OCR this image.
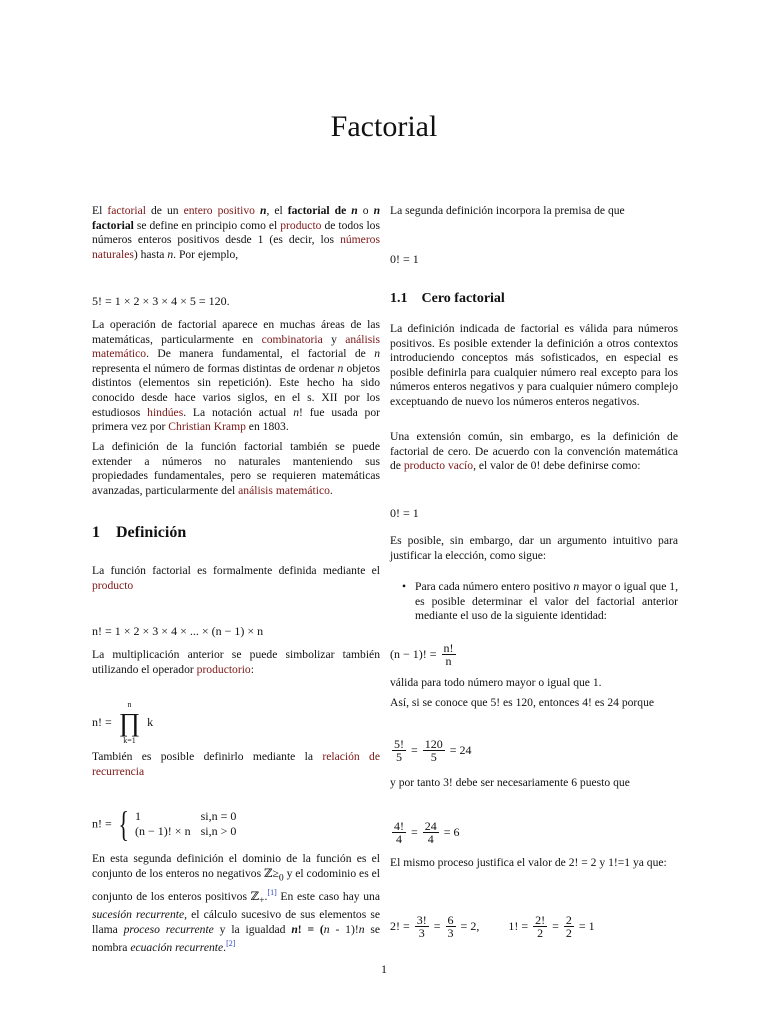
Factorial
El factorial de un entero positivo n, el factorial de n o n factorial se define en principio como el producto de todos los números enteros positivos desde 1 (es decir, los números naturales) hasta n. Por ejemplo,
5! = 1 × 2 × 3 × 4 × 5 = 120.
La operación de factorial aparece en muchas áreas de las matemáticas, particularmente en combinatoria y análisis matemático. De manera fundamental, el factorial de n representa el número de formas distintas de ordenar n objetos distintos (elementos sin repetición). Este hecho ha sido conocido desde hace varios siglos, en el s. XII por los estudiosos hindúes. La notación actual n! fue usada por primera vez por Christian Kramp en 1803.
La definición de la función factorial también se puede extender a números no naturales manteniendo sus propiedades fundamentales, pero se requieren matemáticas avanzadas, particularmente del análisis matemático.
1 Definición
La función factorial es formalmente definida mediante el producto
n! = 1 × 2 × 3 × 4 × ... × (n − 1) × n
La multiplicación anterior se puede simbolizar también utilizando el operador productorio:
n! =
n
∏
k=1
k
También es posible definirlo mediante la relación de recurrencia
n! = { 1	si,n = 0
(n − 1)! × n	si,n > 0
En esta segunda definición el dominio de la función es el conjunto de los enteros no negativos $ℤ\ge_0$ y el codominio es el conjunto de los enteros positivos ℤ$_+$.[1] En este caso hay una sucesión recurrente, el cálculo sucesivo de sus elementos se llama proceso recurrente y la igualdad n! = (n - 1)!n se nombra ecuación recurrente.[2]
La segunda definición incorpora la premisa de que
0! = 1
1.1 Cero factorial
La definición indicada de factorial es válida para números positivos. Es posible extender la definición a otros contextos introduciendo conceptos más sofisticados, en especial es posible definirla para cualquier número real excepto para los números enteros negativos y para cualquier número complejo exceptuando de nuevo los números enteros negativos.
Una extensión común, sin embargo, es la definición de factorial de cero. De acuerdo con la convención matemática de producto vacío, el valor de 0! debe definirse como:
0! = 1
Es posible, sin embargo, dar un argumento intuitivo para justificar la elección, como sigue:
• Para cada número entero positivo n mayor o igual que 1, es posible determinar el valor del factorial anterior mediante el uso de la siguiente identidad:
(n − 1)! = $\frac{n!}{n}$
válida para todo número mayor o igual que 1.
Así, si se conoce que 5! es 120, entonces 4! es 24 porque
$\frac{5!}{5} = \frac{120}{5} = 24$
y por tanto 3! debe ser necesariamente 6 puesto que
$\frac{4!}{4} = \frac{24}{4} = 6$
El mismo proceso justifica el valor de 2! = 2 y 1!=1 ya que:
2! = $\frac{3!}{3} = \frac{6}{3} = 2$, 1! = $\frac{2!}{2} = \frac{2}{2} = 1$
1
